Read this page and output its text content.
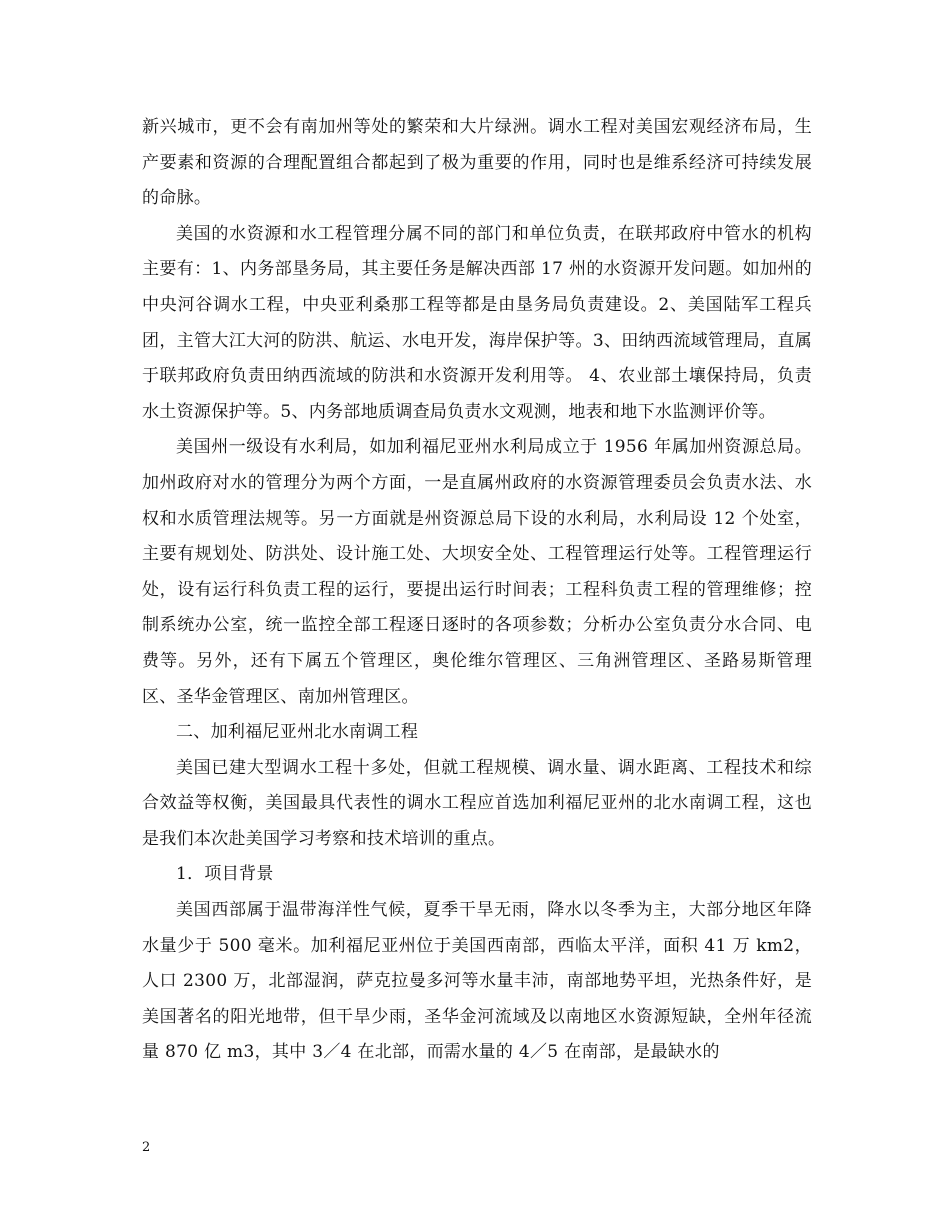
新兴城市，更不会有南加州等处的繁荣和大片绿洲。调水工程对美国宏观经济布局，生产要素和资源的合理配置组合都起到了极为重要的作用，同时也是维系经济可持续发展的命脉。

美国的水资源和水工程管理分属不同的部门和单位负责，在联邦政府中管水的机构主要有：1、内务部垦务局，其主要任务是解决西部 17 州的水资源开发问题。如加州的中央河谷调水工程，中央亚利桑那工程等都是由垦务局负责建设。2、美国陆军工程兵团，主管大江大河的防洪、航运、水电开发，海岸保护等。3、田纳西流域管理局，直属于联邦政府负责田纳西流域的防洪和水资源开发利用等。 4、农业部土壤保持局，负责水土资源保护等。5、内务部地质调查局负责水文观测，地表和地下水监测评价等。

美国州一级设有水利局，如加利福尼亚州水利局成立于 1956 年属加州资源总局。加州政府对水的管理分为两个方面，一是直属州政府的水资源管理委员会负责水法、水权和水质管理法规等。另一方面就是州资源总局下设的水利局，水利局设 12 个处室，主要有规划处、防洪处、设计施工处、大坝安全处、工程管理运行处等。工程管理运行处，设有运行科负责工程的运行，要提出运行时间表；工程科负责工程的管理维修；控制系统办公室，统一监控全部工程逐日逐时的各项参数；分析办公室负责分水合同、电费等。另外，还有下属五个管理区，奥伦维尔管理区、三角洲管理区、圣路易斯管理区、圣华金管理区、南加州管理区。

二、加利福尼亚州北水南调工程

美国已建大型调水工程十多处，但就工程规模、调水量、调水距离、工程技术和综合效益等权衡，美国最具代表性的调水工程应首选加利福尼亚州的北水南调工程，这也是我们本次赴美国学习考察和技术培训的重点。

1．项目背景

美国西部属于温带海洋性气候，夏季干旱无雨，降水以冬季为主，大部分地区年降水量少于 500 毫米。加利福尼亚州位于美国西南部，西临太平洋，面积 41 万 km2，人口 2300 万，北部湿润，萨克拉曼多河等水量丰沛，南部地势平坦，光热条件好，是美国著名的阳光地带，但干旱少雨，圣华金河流域及以南地区水资源短缺，全州年径流量 870 亿 m3，其中 3／4 在北部，而需水量的 4／5 在南部，是最缺水的

2
